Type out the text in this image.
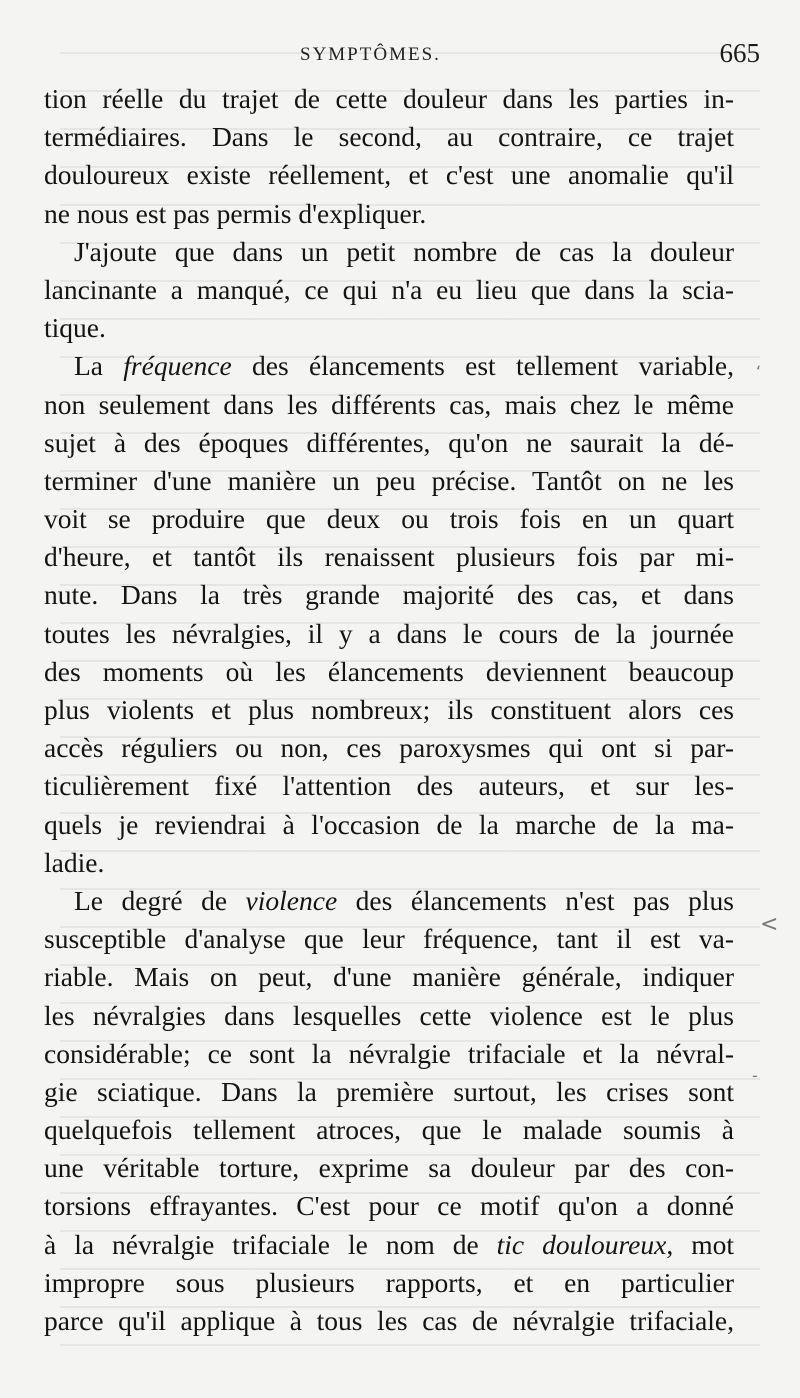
SYMPTÔMES.	665
tion réelle du trajet de cette douleur dans les parties in-
termédiaires. Dans le second, au contraire, ce trajet
douloureux existe réellement, et c'est une anomalie qu'il
ne nous est pas permis d'expliquer.
J'ajoute que dans un petit nombre de cas la douleur
lancinante a manqué, ce qui n'a eu lieu que dans la scia-
tique.
La fréquence des élancements est tellement variable,
non seulement dans les différents cas, mais chez le même
sujet à des époques différentes, qu'on ne saurait la dé-
terminer d'une manière un peu précise. Tantôt on ne les
voit se produire que deux ou trois fois en un quart
d'heure, et tantôt ils renaissent plusieurs fois par mi-
nute. Dans la très grande majorité des cas, et dans
toutes les névralgies, il y a dans le cours de la journée
des moments où les élancements deviennent beaucoup
plus violents et plus nombreux; ils constituent alors ces
accès réguliers ou non, ces paroxysmes qui ont si par-
ticulièrement fixé l'attention des auteurs, et sur les-
quels je reviendrai à l'occasion de la marche de la ma-
ladie.
Le degré de violence des élancements n'est pas plus
susceptible d'analyse que leur fréquence, tant il est va-
riable. Mais on peut, d'une manière générale, indiquer
les névralgies dans lesquelles cette violence est le plus
considérable; ce sont la névralgie trifaciale et la névral-
gie sciatique. Dans la première surtout, les crises sont
quelquefois tellement atroces, que le malade soumis à
une véritable torture, exprime sa douleur par des con-
torsions effrayantes. C'est pour ce motif qu'on a donné
à la névralgie trifaciale le nom de tic douloureux, mot
impropre sous plusieurs rapports, et en particulier
parce qu'il applique à tous les cas de névralgie trifaciale,
‘
<
‐
